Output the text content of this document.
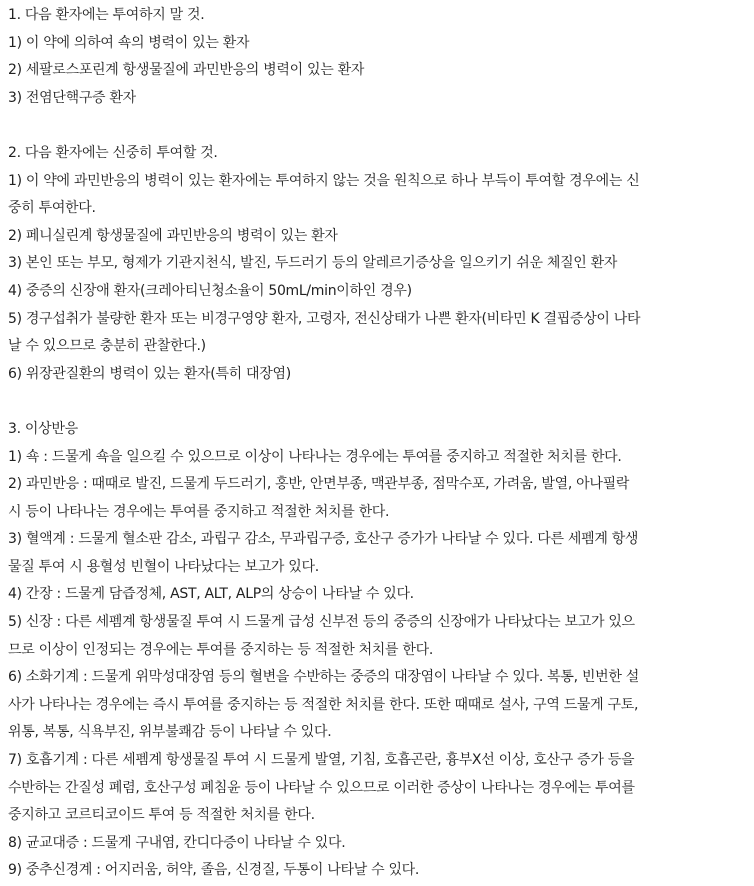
1. 다음 환자에는 투여하지 말 것.
1) 이 약에 의하여 쇽의 병력이 있는 환자
2) 세팔로스포린계 항생물질에 과민반응의 병력이 있는 환자
3) 전염단핵구증 환자
2. 다음 환자에는 신중히 투여할 것.
1) 이 약에 과민반응의 병력이 있는 환자에는 투여하지 않는 것을 원칙으로 하나 부득이 투여할 경우에는 신
중히 투여한다.
2) 페니실린계 항생물질에 과민반응의 병력이 있는 환자
3) 본인 또는 부모, 형제가 기관지천식, 발진, 두드러기 등의 알레르기증상을 일으키기 쉬운 체질인 환자
4) 중증의 신장애 환자(크레아티닌청소율이 50mL/min이하인 경우)
5) 경구섭취가 불량한 환자 또는 비경구영양 환자, 고령자, 전신상태가 나쁜 환자(비타민 K 결핍증상이 나타
날 수 있으므로 충분히 관찰한다.)
6) 위장관질환의 병력이 있는 환자(특히 대장염)
3. 이상반응
1) 쇽 : 드물게 쇽을 일으킬 수 있으므로 이상이 나타나는 경우에는 투여를 중지하고 적절한 처치를 한다.
2) 과민반응 : 때때로 발진, 드물게 두드러기, 홍반, 안면부종, 맥관부종, 점막수포, 가려움, 발열, 아나필락
시 등이 나타나는 경우에는 투여를 중지하고 적절한 처치를 한다.
3) 혈액계 : 드물게 혈소판 감소, 과립구 감소, 무과립구증, 호산구 증가가 나타날 수 있다. 다른 세펨계 항생
물질 투여 시 용혈성 빈혈이 나타났다는 보고가 있다.
4) 간장 : 드물게 담즙정체, AST, ALT, ALP의 상승이 나타날 수 있다.
5) 신장 : 다른 세펨계 항생물질 투여 시 드물게 급성 신부전 등의 중증의 신장애가 나타났다는 보고가 있으
므로 이상이 인정되는 경우에는 투여를 중지하는 등 적절한 처치를 한다.
6) 소화기계 : 드물게 위막성대장염 등의 혈변을 수반하는 중증의 대장염이 나타날 수 있다. 복통, 빈번한 설
사가 나타나는 경우에는 즉시 투여를 중지하는 등 적절한 처치를 한다. 또한 때때로 설사, 구역 드물게 구토,
위통, 복통, 식욕부진, 위부불쾌감 등이 나타날 수 있다.
7) 호흡기계 : 다른 세펨계 항생물질 투여 시 드물게 발열, 기침, 호흡곤란, 흉부X선 이상, 호산구 증가 등을
수반하는 간질성 폐렴, 호산구성 폐침윤 등이 나타날 수 있으므로 이러한 증상이 나타나는 경우에는 투여를
중지하고 코르티코이드 투여 등 적절한 처치를 한다.
8) 균교대증 : 드물게 구내염, 칸디다증이 나타날 수 있다.
9) 중추신경계 : 어지러움, 허약, 졸음, 신경질, 두통이 나타날 수 있다.
